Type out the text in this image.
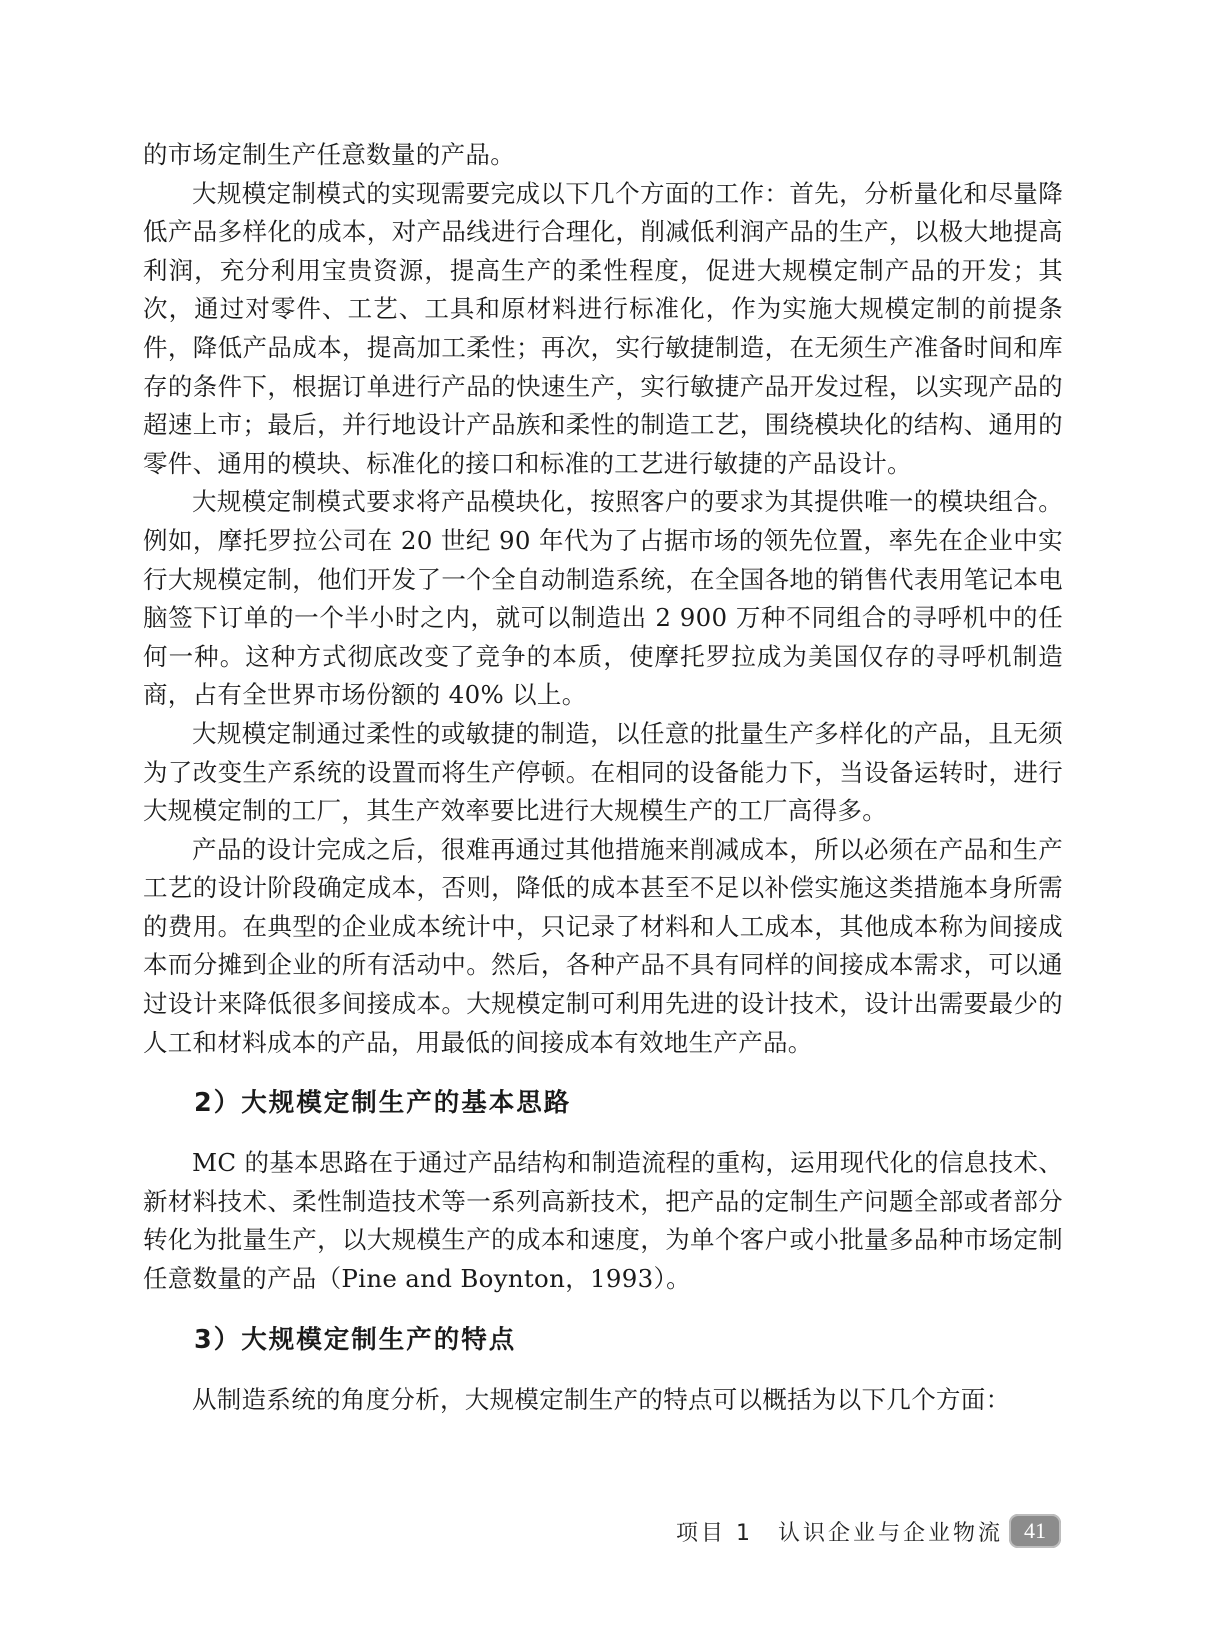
的市场定制生产任意数量的产品。

大规模定制模式的实现需要完成以下几个方面的工作：首先，分析量化和尽量降低产品多样化的成本，对产品线进行合理化，削减低利润产品的生产，以极大地提高利润，充分利用宝贵资源，提高生产的柔性程度，促进大规模定制产品的开发；其次，通过对零件、工艺、工具和原材料进行标准化，作为实施大规模定制的前提条件，降低产品成本，提高加工柔性；再次，实行敏捷制造，在无须生产准备时间和库存的条件下，根据订单进行产品的快速生产，实行敏捷产品开发过程，以实现产品的超速上市；最后，并行地设计产品族和柔性的制造工艺，围绕模块化的结构、通用的零件、通用的模块、标准化的接口和标准的工艺进行敏捷的产品设计。

大规模定制模式要求将产品模块化，按照客户的要求为其提供唯一的模块组合。例如，摩托罗拉公司在 20 世纪 90 年代为了占据市场的领先位置，率先在企业中实行大规模定制，他们开发了一个全自动制造系统，在全国各地的销售代表用笔记本电脑签下订单的一个半小时之内，就可以制造出 2 900 万种不同组合的寻呼机中的任何一种。这种方式彻底改变了竞争的本质，使摩托罗拉成为美国仅存的寻呼机制造商，占有全世界市场份额的 40% 以上。

大规模定制通过柔性的或敏捷的制造，以任意的批量生产多样化的产品，且无须为了改变生产系统的设置而将生产停顿。在相同的设备能力下，当设备运转时，进行大规模定制的工厂，其生产效率要比进行大规模生产的工厂高得多。

产品的设计完成之后，很难再通过其他措施来削减成本，所以必须在产品和生产工艺的设计阶段确定成本，否则，降低的成本甚至不足以补偿实施这类措施本身所需的费用。在典型的企业成本统计中，只记录了材料和人工成本，其他成本称为间接成本而分摊到企业的所有活动中。然后，各种产品不具有同样的间接成本需求，可以通过设计来降低很多间接成本。大规模定制可利用先进的设计技术，设计出需要最少的人工和材料成本的产品，用最低的间接成本有效地生产产品。

2）大规模定制生产的基本思路

MC 的基本思路在于通过产品结构和制造流程的重构，运用现代化的信息技术、新材料技术、柔性制造技术等一系列高新技术，把产品的定制生产问题全部或者部分转化为批量生产，以大规模生产的成本和速度，为单个客户或小批量多品种市场定制任意数量的产品（Pine and Boynton，1993）。

3）大规模定制生产的特点

从制造系统的角度分析，大规模定制生产的特点可以概括为以下几个方面：

项目 1　认识企业与企业物流 41
